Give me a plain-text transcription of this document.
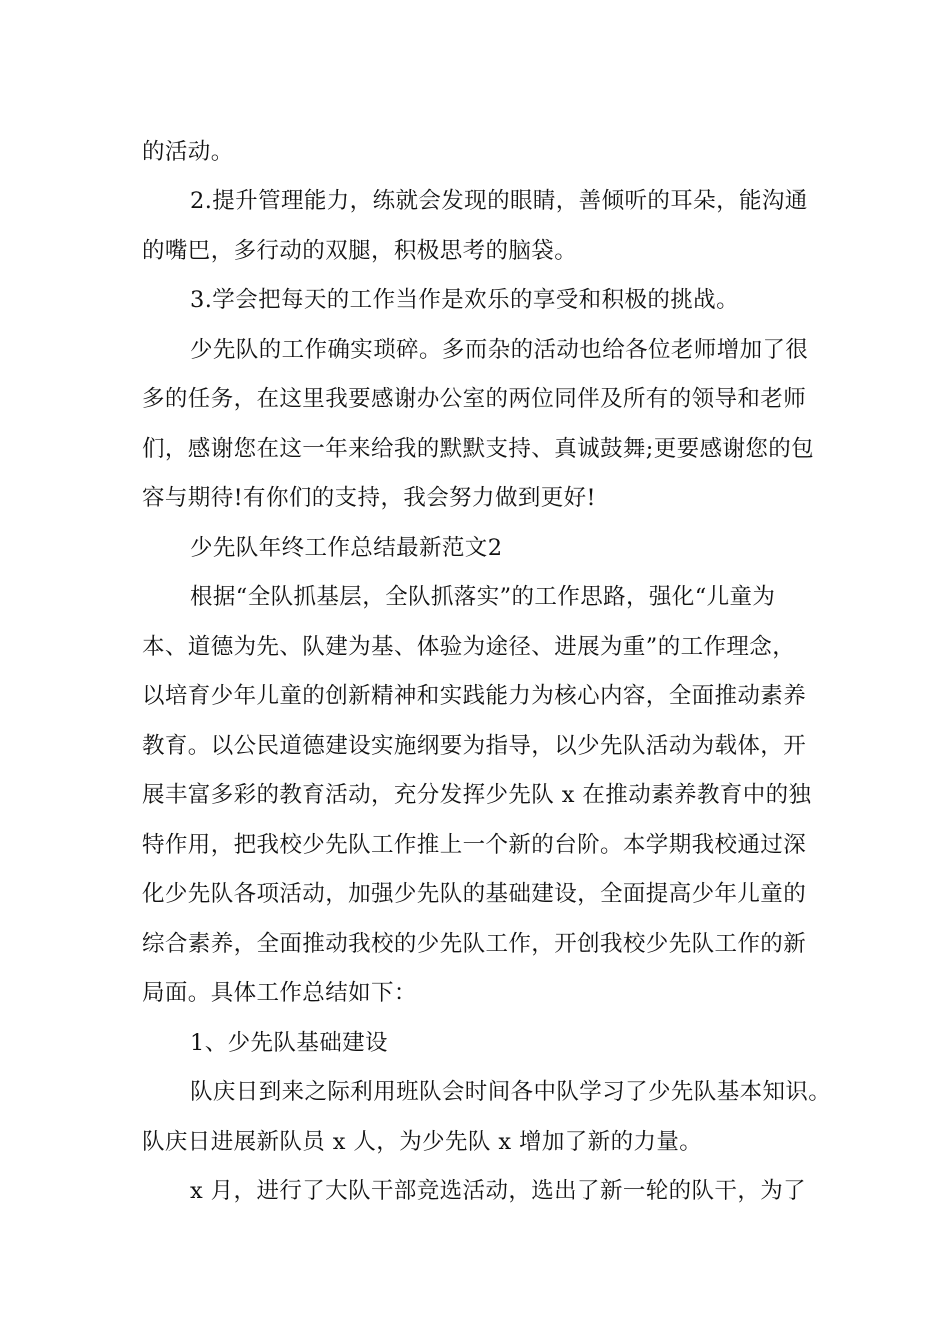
的活动。
2.提升管理能力，练就会发现的眼睛，善倾听的耳朵，能沟通
的嘴巴，多行动的双腿，积极思考的脑袋。
3.学会把每天的工作当作是欢乐的享受和积极的挑战。
少先队的工作确实琐碎。多而杂的活动也给各位老师增加了很
多的任务，在这里我要感谢办公室的两位同伴及所有的领导和老师
们，感谢您在这一年来给我的默默支持、真诚鼓舞;更要感谢您的包
容与期待!有你们的支持，我会努力做到更好!
少先队年终工作总结最新范文2
根据“全队抓基层，全队抓落实”的工作思路，强化“儿童为
本、道德为先、队建为基、体验为途径、进展为重”的工作理念，
以培育少年儿童的创新精神和实践能力为核心内容，全面推动素养
教育。以公民道德建设实施纲要为指导，以少先队活动为载体，开
展丰富多彩的教育活动，充分发挥少先队 x 在推动素养教育中的独
特作用，把我校少先队工作推上一个新的台阶。本学期我校通过深
化少先队各项活动，加强少先队的基础建设，全面提高少年儿童的
综合素养，全面推动我校的少先队工作，开创我校少先队工作的新
局面。具体工作总结如下：
1、少先队基础建设
队庆日到来之际利用班队会时间各中队学习了少先队基本知识。
队庆日进展新队员 x 人，为少先队 x 增加了新的力量。
x 月，进行了大队干部竞选活动，选出了新一轮的队干，为了
